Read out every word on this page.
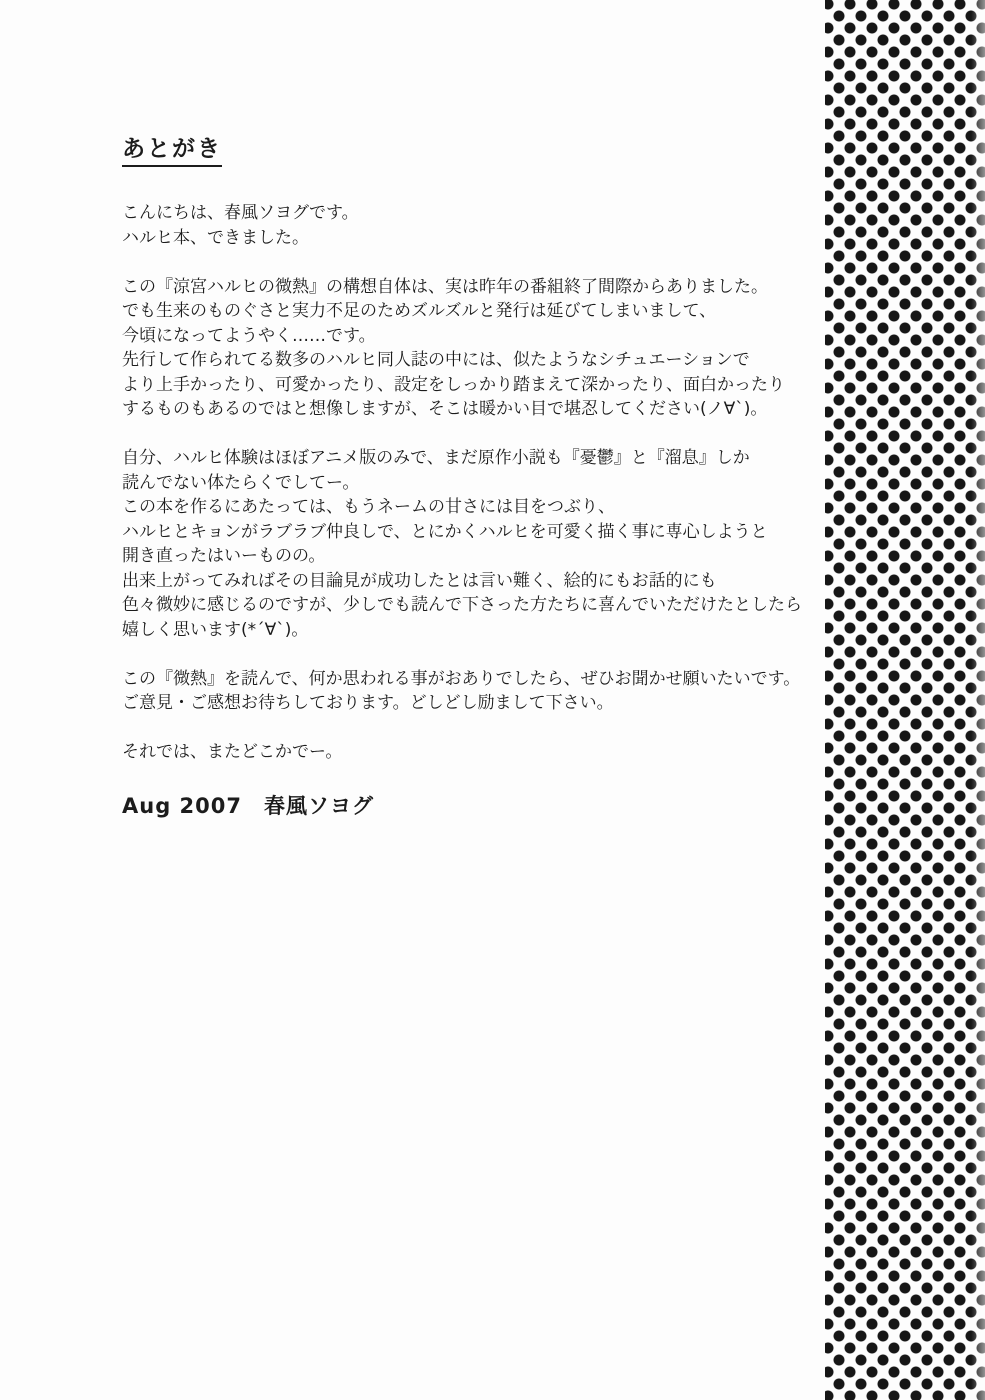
あとがき
こんにちは、春風ソヨグです。
ハルヒ本、できました。
この『涼宮ハルヒの微熱』の構想自体は、実は昨年の番組終了間際からありました。
でも生来のものぐさと実力不足のためズルズルと発行は延びてしまいまして、
今頃になってようやく……です。
先行して作られてる数多のハルヒ同人誌の中には、似たようなシチュエーションで
より上手かったり、可愛かったり、設定をしっかり踏まえて深かったり、面白かったり
するものもあるのではと想像しますが、そこは暖かい目で堪忍してください(ノ∀`)。
自分、ハルヒ体験はほぼアニメ版のみで、まだ原作小説も『憂鬱』と『溜息』しか
読んでない体たらくでしてー。
この本を作るにあたっては、もうネームの甘さには目をつぶり、
ハルヒとキョンがラブラブ仲良しで、とにかくハルヒを可愛く描く事に専心しようと
開き直ったはいーものの。
出来上がってみればその目論見が成功したとは言い難く、絵的にもお話的にも
色々微妙に感じるのですが、少しでも読んで下さった方たちに喜んでいただけたとしたら
嬉しく思います(*´∀`)。
この『微熱』を読んで、何か思われる事がおありでしたら、ぜひお聞かせ願いたいです。
ご意見・ご感想お待ちしております。どしどし励まして下さい。
それでは、またどこかでー。
Aug 2007　春風ソヨグ
